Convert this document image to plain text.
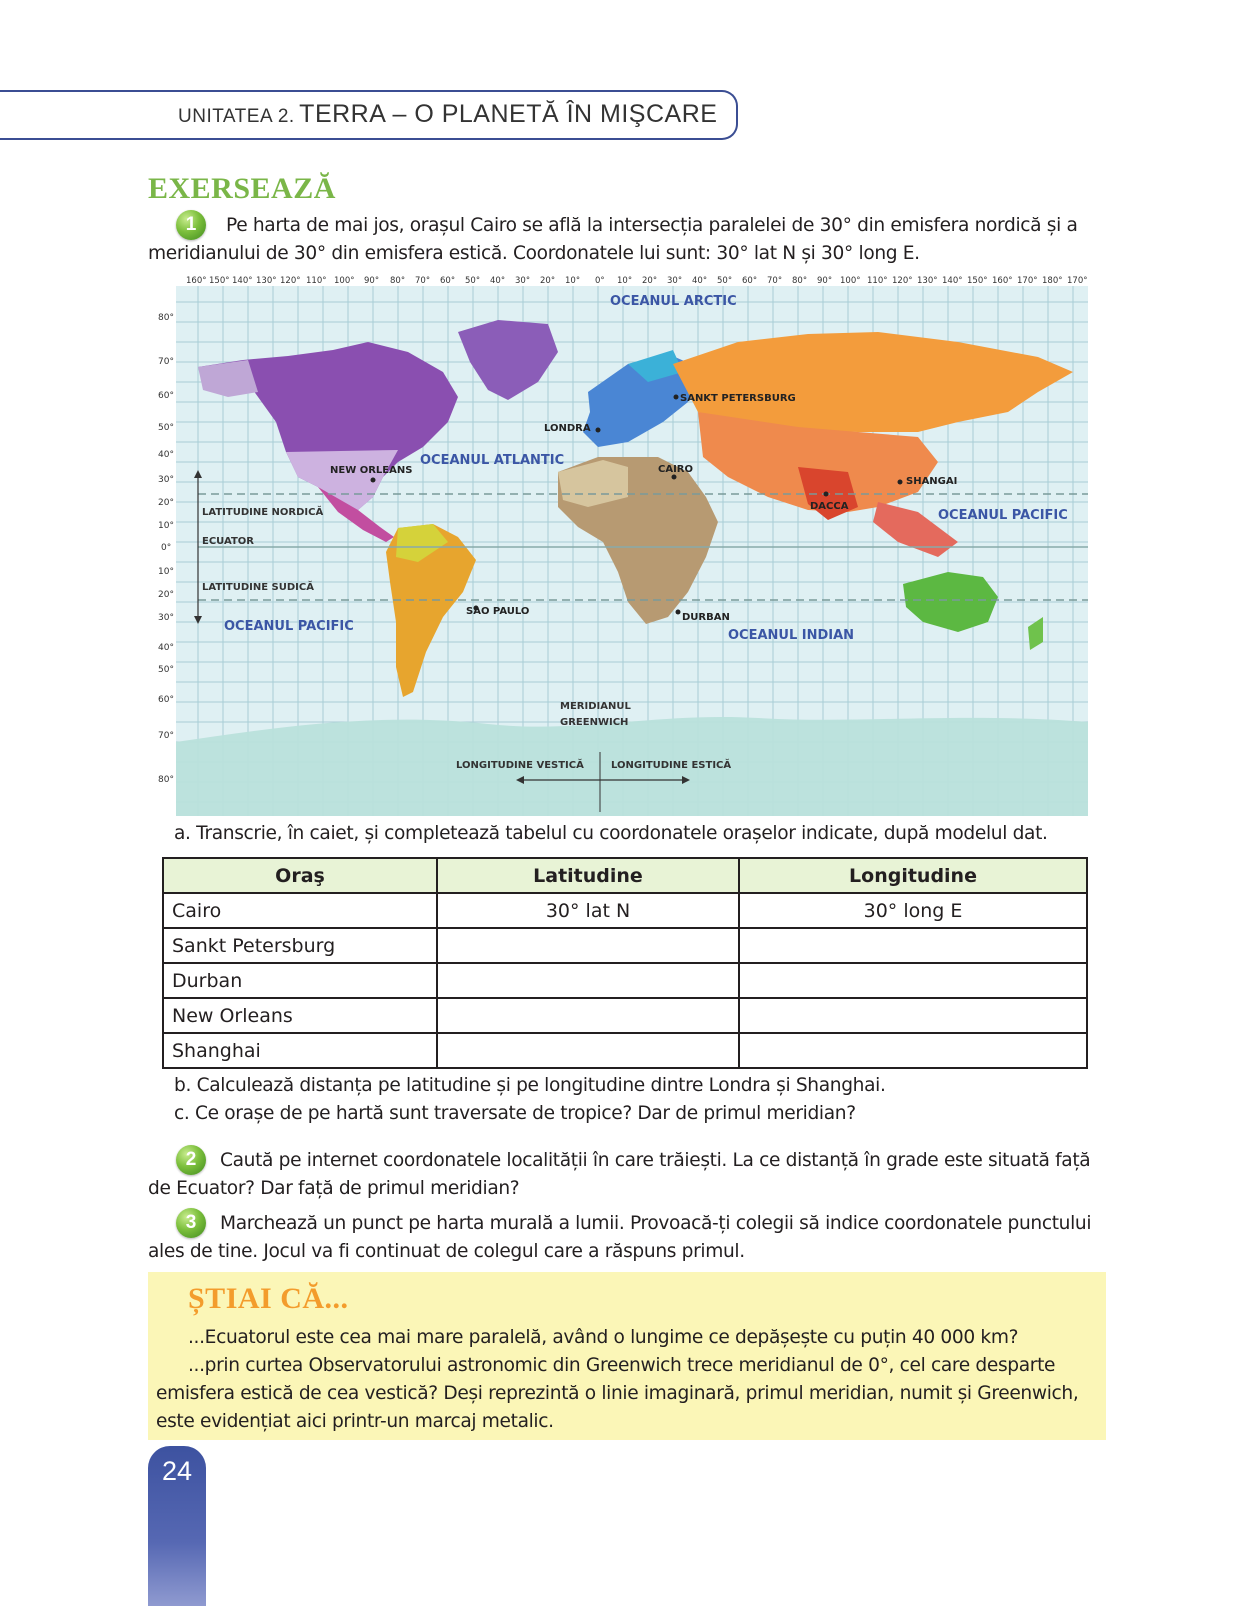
UNITATEA 2. TERRA – O PLANETĂ ÎN MIŞCARE
EXERSEAZĂ
1	Pe harta de mai jos, orașul Cairo se află la intersecția paralelei de 30° din emisfera nordică și a meridianului de 30° din emisfera estică. Coordonatele lui sunt: 30° lat N și 30° long E.
160° 150° 140° 130° 120° 110° 100° 90° 80° 70° 60° 50° 40° 30° 20° 10° 0° 10° 20° 30° 40° 50° 60° 70° 80° 90° 100° 110° 120° 130° 140° 150° 160° 170° 180° 170°
80°
70°
60°
50°
40°
30°
20°
10°
0°
10°
20°
30°
40°
50°
60°
70°
80°
OCEANUL ARCTIC
OCEANUL ATLANTIC
OCEANUL PACIFIC
OCEANUL PACIFIC
OCEANUL INDIAN
LATITUDINE NORDICĂ
ECUATOR
LATITUDINE SUDICĂ
MERIDIANUL
GREENWICH
LONGITUDINE VESTICĂ	LONGITUDINE ESTICĂ
SANKT PETERSBURG
LONDRA
NEW ORLEANS	CAIRO
SHANGAI
DACCA
SAO PAULO
DURBAN
a. Transcrie, în caiet, și completează tabelul cu coordonatele orașelor indicate, după modelul dat.
Oraş	Latitudine	Longitudine
Cairo	30° lat N	30° long E
Sankt Petersburg		
Durban		
New Orleans		
Shanghai		
b. Calculează distanța pe latitudine și pe longitudine dintre Londra și Shanghai.
c. Ce orașe de pe hartă sunt traversate de tropice? Dar de primul meridian?
2	Caută pe internet coordonatele localității în care trăiești. La ce distanță în grade este situată față de Ecuator? Dar față de primul meridian?
3	Marchează un punct pe harta murală a lumii. Provoacă-ți colegii să indice coordonatele punctului ales de tine. Jocul va fi continuat de colegul care a răspuns primul.
ȘTIAI CĂ...
...Ecuatorul este cea mai mare paralelă, având o lungime ce depășește cu puțin 40 000 km?
...prin curtea Observatorului astronomic din Greenwich trece meridianul de 0°, cel care desparte emisfera estică de cea vestică? Deși reprezintă o linie imaginară, primul meridian, numit și Greenwich, este evidențiat aici printr-un marcaj metalic.
24
